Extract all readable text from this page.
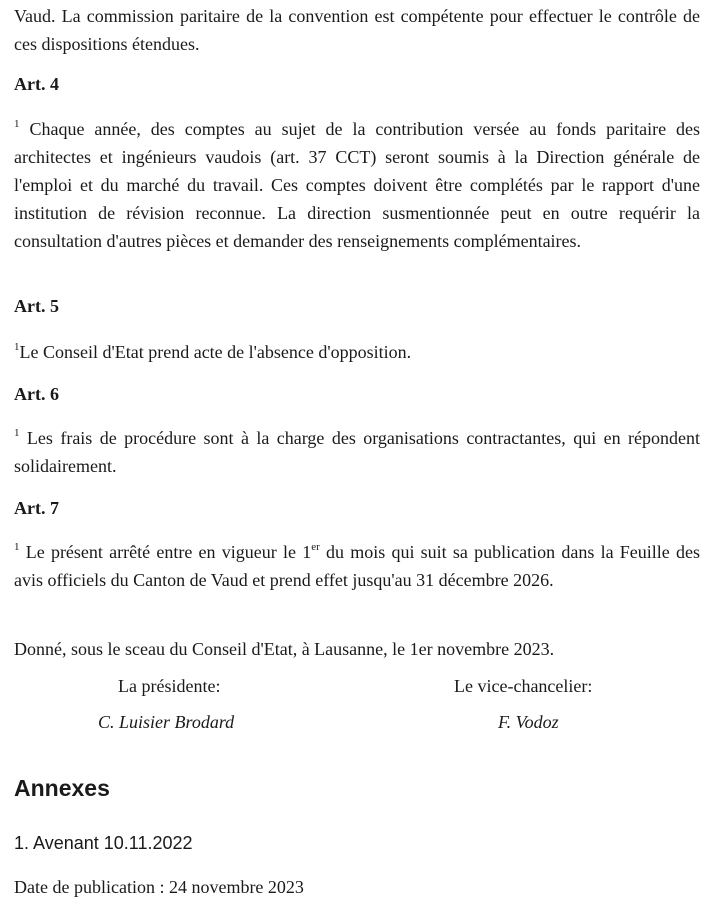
Vaud. La commission paritaire de la convention est compétente pour effectuer le contrôle de ces dispositions étendues.

Art. 4

$^1$ Chaque année, des comptes au sujet de la contribution versée au fonds paritaire des architectes et ingénieurs vaudois (art. 37 CCT) seront soumis à la Direction générale de l'emploi et du marché du travail. Ces comptes doivent être complétés par le rapport d'une institution de révision reconnue. La direction susmentionnée peut en outre requérir la consultation d'autres pièces et demander des renseignements complémentaires.

Art. 5

$^1$Le Conseil d'Etat prend acte de l'absence d'opposition.

Art. 6

$^1$ Les frais de procédure sont à la charge des organisations contractantes, qui en répondent solidairement.

Art. 7

$^1$ Le présent arrêté entre en vigueur le 1er du mois qui suit sa publication dans la Feuille des avis officiels du Canton de Vaud et prend effet jusqu'au 31 décembre 2026.

Donné, sous le sceau du Conseil d'Etat, à Lausanne, le 1er novembre 2023.
La présidente:	Le vice-chancelier:
C. Luisier Brodard	F. Vodoz
Annexes
1. Avenant 10.11.2022
Date de publication : 24 novembre 2023
